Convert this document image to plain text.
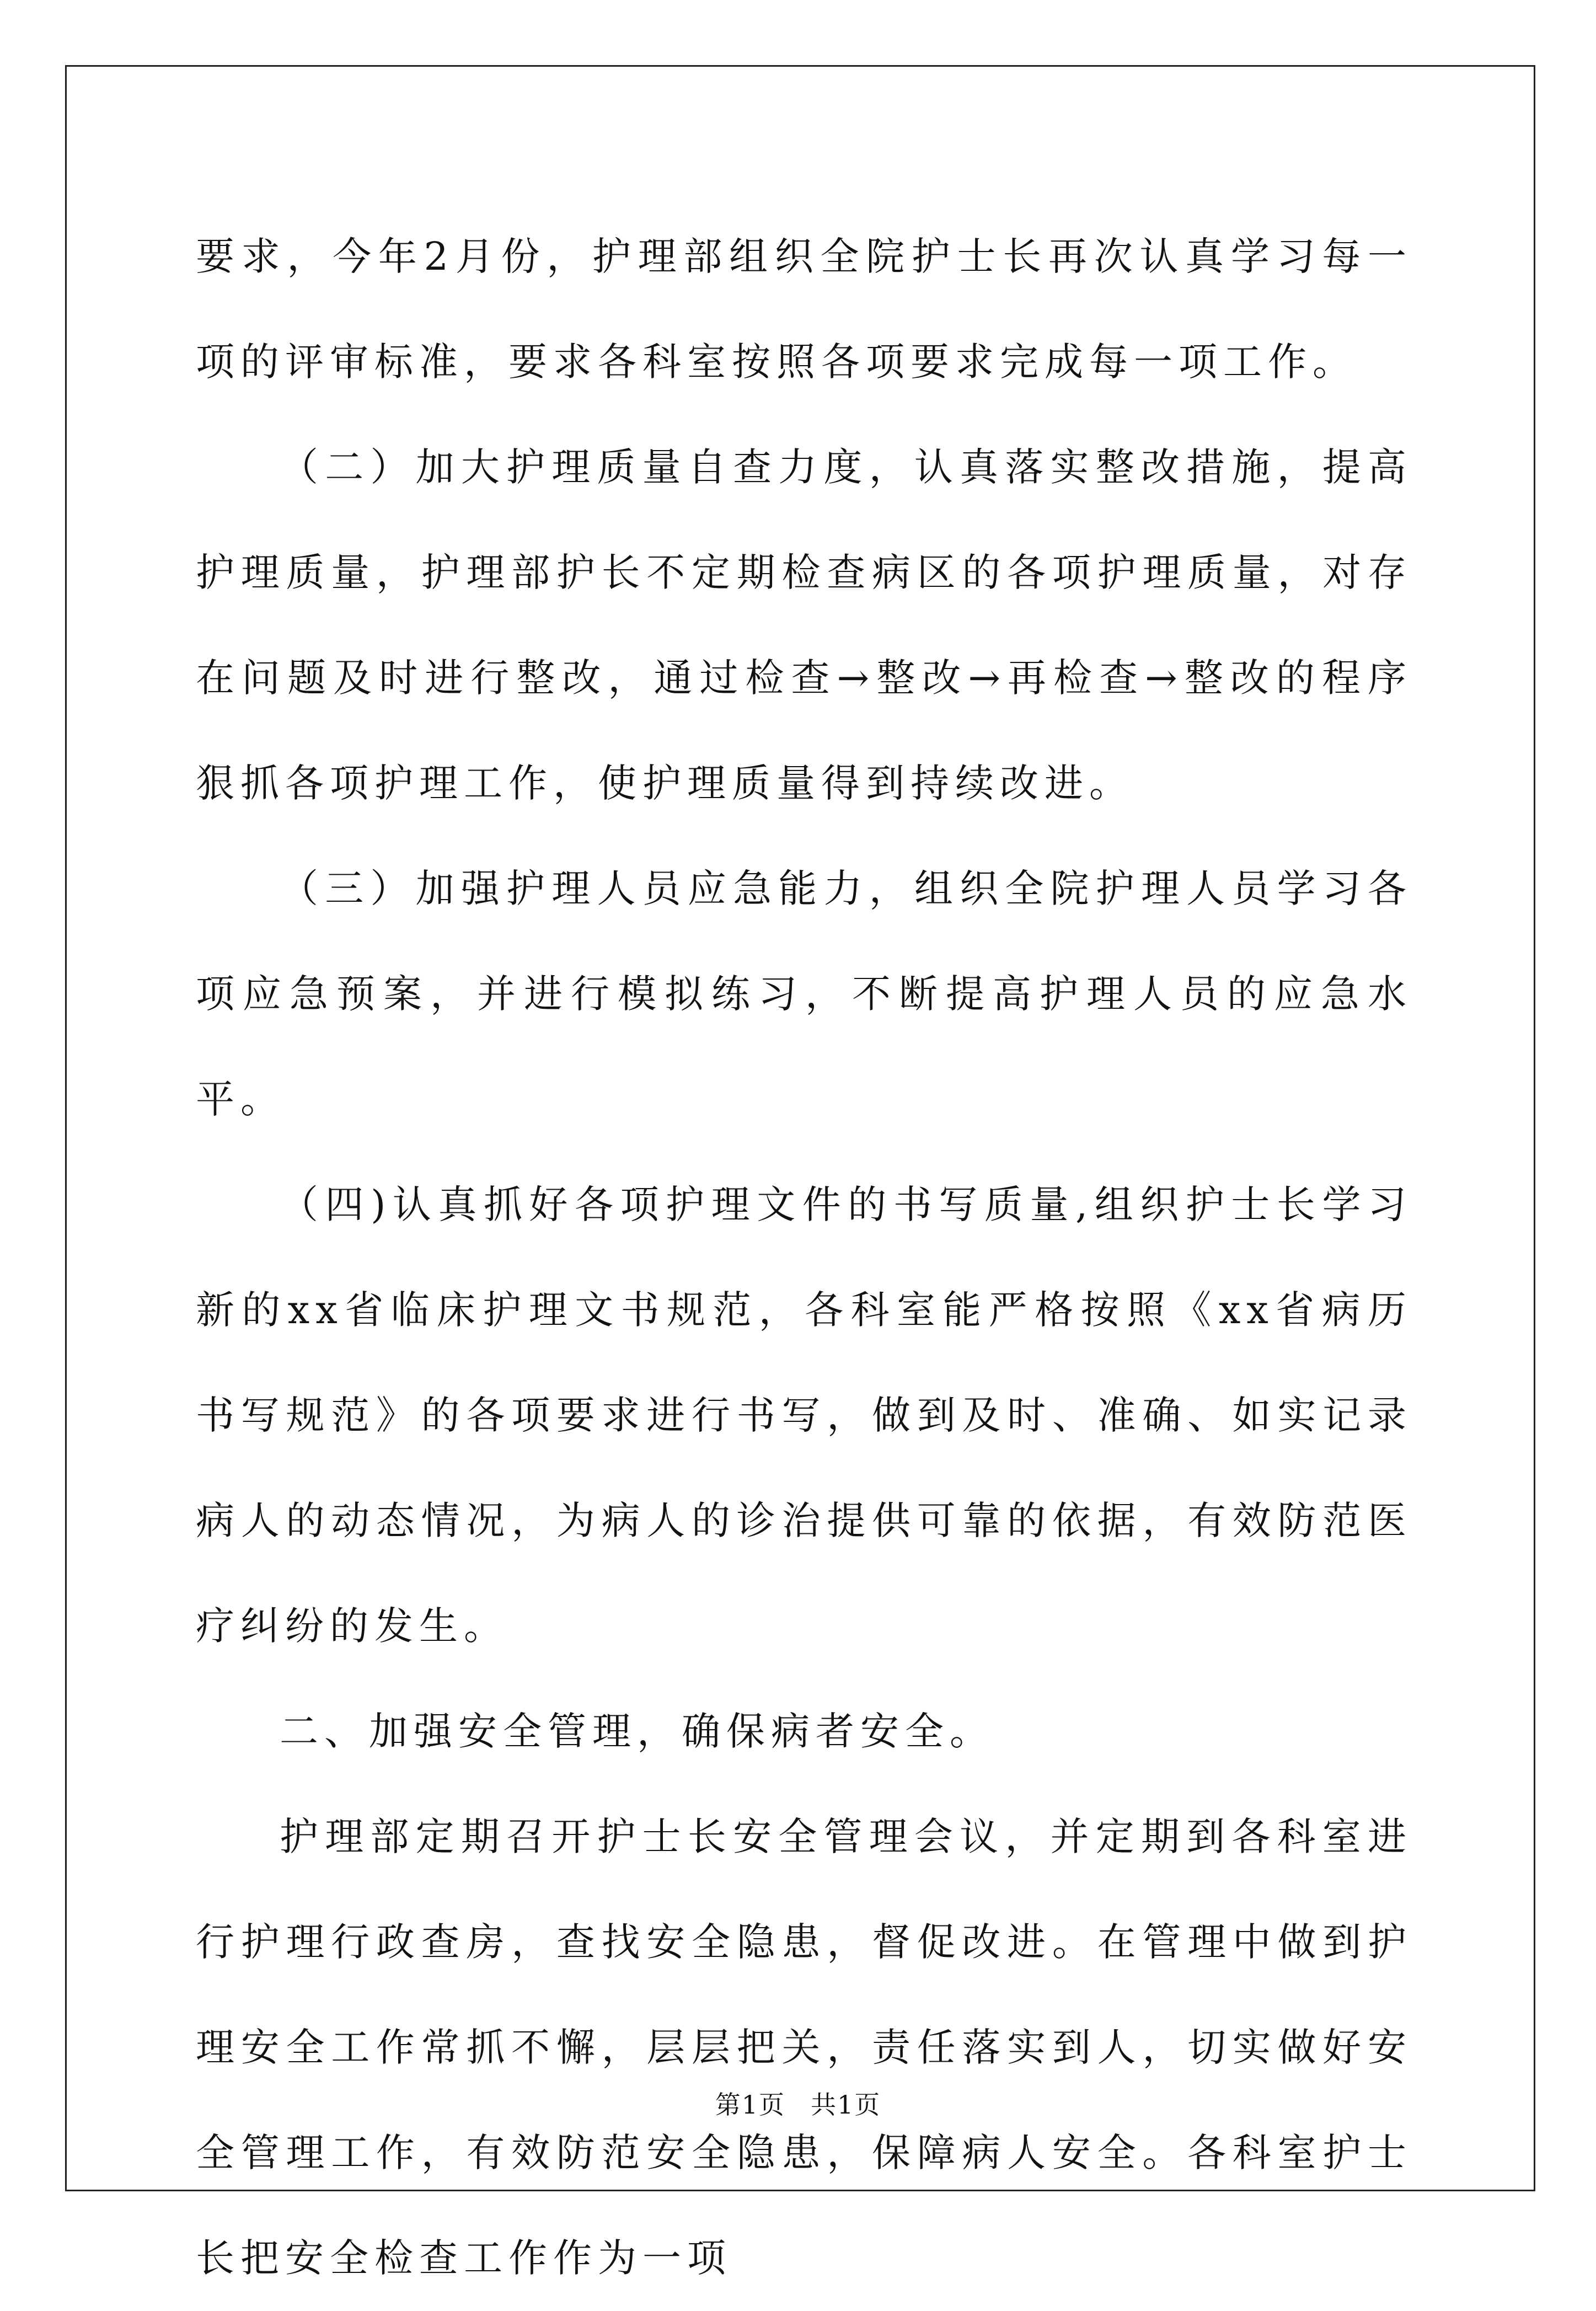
要求，今年2月份，护理部组织全院护士长再次认真学习每一项的评审标准，要求各科室按照各项要求完成每一项工作。

（二）加大护理质量自查力度，认真落实整改措施，提高护理质量，护理部护长不定期检查病区的各项护理质量，对存在问题及时进行整改，通过检查→整改→再检查→整改的程序狠抓各项护理工作，使护理质量得到持续改进。

（三）加强护理人员应急能力，组织全院护理人员学习各项应急预案，并进行模拟练习，不断提高护理人员的应急水平。

（四)认真抓好各项护理文件的书写质量,组织护士长学习新的xx省临床护理文书规范，各科室能严格按照《xx省病历书写规范》的各项要求进行书写，做到及时、准确、如实记录病人的动态情况，为病人的诊治提供可靠的依据，有效防范医疗纠纷的发生。

二、加强安全管理，确保病者安全。

护理部定期召开护士长安全管理会议，并定期到各科室进行护理行政查房，查找安全隐患，督促改进。在管理中做到护理安全工作常抓不懈，层层把关，责任落实到人，切实做好安全管理工作，有效防范安全隐患，保障病人安全。各科室护士长把安全检查工作作为一项

第1页 共1页
